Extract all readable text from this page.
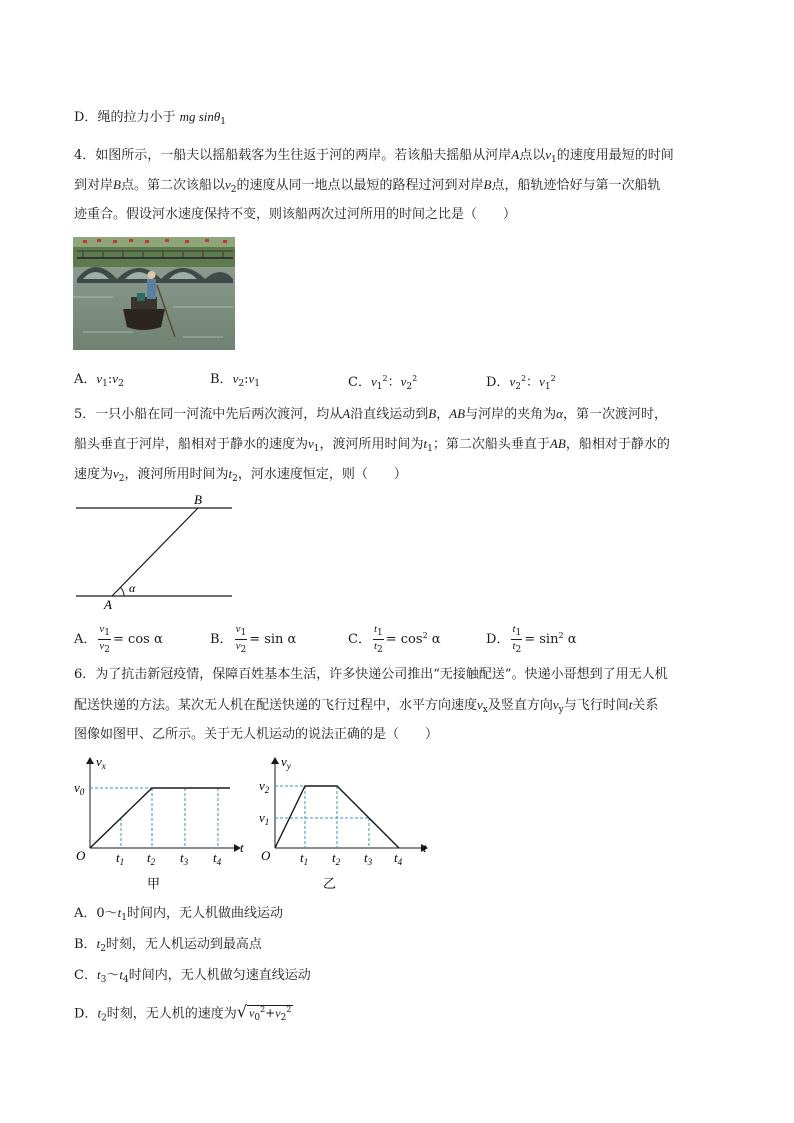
D．绳的拉力小于 mg sinθ$_1$
4．如图所示，一船夫以摇船载客为生往返于河的两岸。若该船夫摇船从河岸A点以$v_1$的速度用最短的时间
到对岸B点。第二次该船以$v_2$的速度从同一地点以最短的路程过河到对岸B点，船轨迹恰好与第一次船轨
迹重合。假设河水速度保持不变，则该船两次过河所用的时间之比是（　　）
A．$v_1:v_2$	B．$v_2:v_1$	C．$v_1^2$：$v_2^2$	D．$v_2^2$：$v_1^2$
5．一只小船在同一河流中先后两次渡河，均从A沿直线运动到B，AB与河岸的夹角为α，第一次渡河时，
船头垂直于河岸，船相对于静水的速度为$v_1$，渡河所用时间为$t_1$；第二次船头垂直于AB，船相对于静水的
速度为$v_2$，渡河所用时间为$t_2$，河水速度恒定，则（　　）
B
A
α
A． $\frac{v_1}{v_2} = \cos \alpha$	B． $\frac{v_1}{v_2} = \sin \alpha$	C． $\frac{t_1}{t_2} = \cos^2 \alpha$	D． $\frac{t_1}{t_2} = \sin^2 \alpha$
6．为了抗击新冠疫情，保障百姓基本生活，许多快递公司推出“无接触配送”。快递小哥想到了用无人机
配送快递的方法。某次无人机在配送快递的飞行过程中，水平方向速度$v_x$及竖直方向$v_y$与飞行时间t关系
图像如图甲、乙所示。关于无人机运动的说法正确的是（　　）
$v_x$
$v_0$
O
t
$t_1$ $t_2$ $t_3$ $t_4$
甲
$v_y$
$v_2$
$v_1$
O
t
$t_1$ $t_2$ $t_3$ $t_4$
乙
A．$0\sim t_1$时间内，无人机做曲线运动
B．$t_2$时刻，无人机运动到最高点
C．$t_3\sim t_4$时间内，无人机做匀速直线运动
D．$t_2$时刻，无人机的速度为√ $v_0^2+v_2^2$
